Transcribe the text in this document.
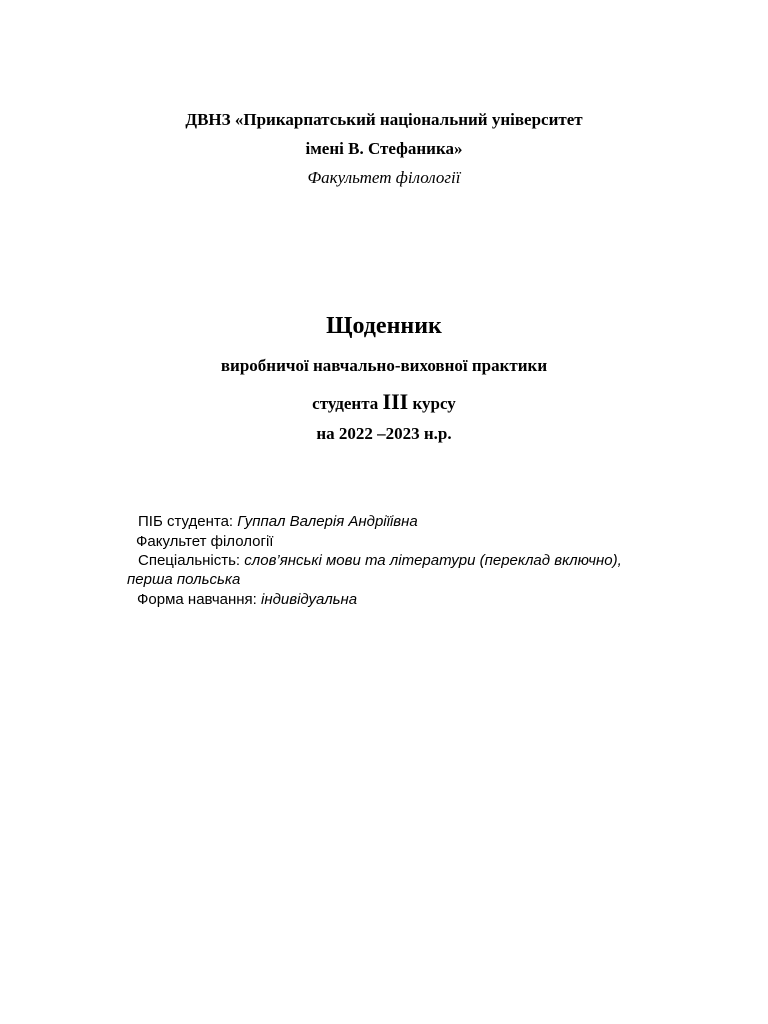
ДВНЗ «Прикарпатський національний університет
імені В. Стефаника»
Факультет філології
Щоденник
виробничої навчально-виховної практики
студента ІІІ курсу
на 2022 –2023 н.р.
ПІБ студента: Гуппал Валерія Андріїівна
Факультет філології
Спеціальність: слов’янські мови та літератури (переклад включно),
перша польська
Форма навчання: індивідуальна
